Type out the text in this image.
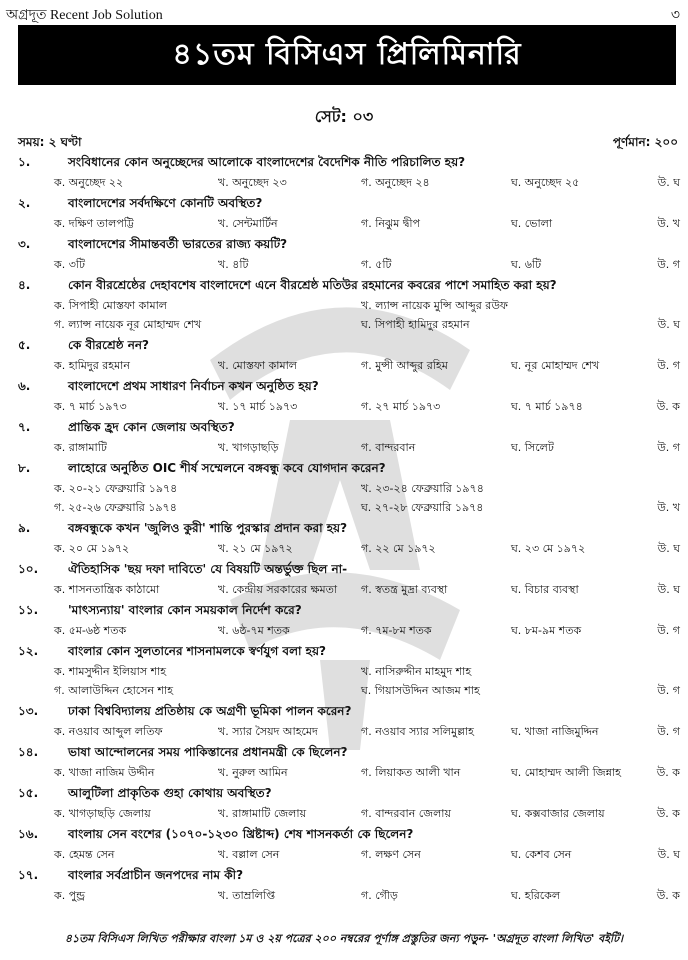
অগ্রদূত Recent Job Solution	৩
৪১তম বিসিএস প্রিলিমিনারি
সেট: ০৩
সময়: ২ ঘণ্টা	পূর্ণমান: ২০০
১.	সংবিধানের কোন অনুচ্ছেদের আলোকে বাংলাদেশের বৈদেশিক নীতি পরিচালিত হয়?
ক. অনুচ্ছেদ ২২	খ. অনুচ্ছেদ ২৩	গ. অনুচ্ছেদ ২৪	ঘ. অনুচ্ছেদ ২৫	উ. ঘ
২.	বাংলাদেশের সর্বদক্ষিণে কোনটি অবস্থিত?
ক. দক্ষিণ তালপট্টি	খ. সেন্টমার্টিন	গ. নিঝুম দ্বীপ	ঘ. ভোলা	উ. খ
৩.	বাংলাদেশের সীমান্তবর্তী ভারতের রাজ্য কয়টি?
ক. ৩টি	খ. ৪টি	গ. ৫টি	ঘ. ৬টি	উ. গ
৪.	কোন বীরশ্রেষ্ঠের দেহাবশেষ বাংলাদেশে এনে বীরশ্রেষ্ঠ মতিউর রহমানের কবরের পাশে সমাহিত করা হয়?
ক. সিপাহী মোস্তফা কামাল	খ. ল্যান্স নায়েক মুন্সি আব্দুর রউফ
গ. ল্যান্স নায়েক নূর মোহাম্মদ শেখ	ঘ. সিপাহী হামিদুর রহমান	উ. ঘ
৫.	কে বীরশ্রেষ্ঠ নন?
ক. হামিদুর রহমান	খ. মোস্তফা কামাল	গ. মুন্সী আব্দুর রহিম	ঘ. নূর মোহাম্মদ শেখ	উ. গ
৬.	বাংলাদেশে প্রথম সাধারণ নির্বাচন কখন অনুষ্ঠিত হয়?
ক. ৭ মার্চ ১৯৭৩	খ. ১৭ মার্চ ১৯৭৩	গ. ২৭ মার্চ ১৯৭৩	ঘ. ৭ মার্চ ১৯৭৪	উ. ক
৭.	প্রান্তিক হ্রদ কোন জেলায় অবস্থিত?
ক. রাঙ্গামাটি	খ. খাগড়াছড়ি	গ. বান্দরবান	ঘ. সিলেট	উ. গ
৮.	লাহোরে অনুষ্ঠিত OIC শীর্ষ সম্মেলনে বঙ্গবন্ধু কবে যোগদান করেন?
ক. ২০-২১ ফেব্রুয়ারি ১৯৭৪	খ. ২৩-২৪ ফেব্রুয়ারি ১৯৭৪
গ. ২৫-২৬ ফেব্রুয়ারি ১৯৭৪	ঘ. ২৭-২৮ ফেব্রুয়ারি ১৯৭৪	উ. খ
৯.	বঙ্গবন্ধুকে কখন 'জুলিও কুরী' শান্তি পুরস্কার প্রদান করা হয়?
ক. ২০ মে ১৯৭২	খ. ২১ মে ১৯৭২	গ. ২২ মে ১৯৭২	ঘ. ২৩ মে ১৯৭২	উ. ঘ
১০.	ঐতিহাসিক 'ছয় দফা দাবিতে' যে বিষয়টি অন্তর্ভুক্ত ছিল না-
ক. শাসনতান্ত্রিক কাঠামো	খ. কেন্দ্রীয় সরকারের ক্ষমতা গ. স্বতন্ত্র মুদ্রা ব্যবস্থা	ঘ. বিচার ব্যবস্থা	উ. ঘ
১১.	'মাৎস্যন্যায়' বাংলার কোন সময়কাল নির্দেশ করে?
ক. ৫ম-৬ষ্ঠ শতক	খ. ৬ষ্ঠ-৭ম শতক	গ. ৭ম-৮ম শতক	ঘ. ৮ম-৯ম শতক	উ. গ
১২.	বাংলার কোন সুলতানের শাসনামলকে স্বর্ণযুগ বলা হয়?
ক. শামসুদ্দীন ইলিয়াস শাহ	খ. নাসিরুদ্দীন মাহমুদ শাহ
গ. আলাউদ্দিন হোসেন শাহ	ঘ. গিয়াসউদ্দিন আজম শাহ	উ. গ
১৩.	ঢাকা বিশ্ববিদ্যালয় প্রতিষ্ঠায় কে অগ্রণী ভূমিকা পালন করেন?
ক. নওয়াব আব্দুল লতিফ	খ. স্যার সৈয়দ আহমেদ	গ. নওয়াব স্যার সলিমুল্লাহ	ঘ. খাজা নাজিমুদ্দিন	উ. গ
১৪.	ভাষা আন্দোলনের সময় পাকিস্তানের প্রধানমন্ত্রী কে ছিলেন?
ক. খাজা নাজিম উদ্দীন	খ. নুরুল আমিন	গ. লিয়াকত আলী খান	ঘ. মোহাম্মদ আলী জিন্নাহ	উ. ক
১৫.	আলুটিলা প্রাকৃতিক গুহা কোথায় অবস্থিত?
ক. খাগড়াছড়ি জেলায়	খ. রাঙ্গামাটি জেলায়	গ. বান্দরবান জেলায়	ঘ. কক্সবাজার জেলায়	উ. ক
১৬.	বাংলায় সেন বংশের (১০৭০-১২৩০ খ্রিষ্টাব্দ) শেষ শাসনকর্তা কে ছিলেন?
ক. হেমন্ত সেন	খ. বল্লাল সেন	গ. লক্ষণ সেন	ঘ. কেশব সেন	উ. ঘ
১৭.	বাংলার সর্বপ্রাচীন জনপদের নাম কী?
ক. পুন্ড্র	খ. তাম্রলিপ্তি	গ. গৌড়	ঘ. হরিকেল	উ. ক
৪১তম বিসিএস লিখিত পরীক্ষার বাংলা ১ম ও ২য় পত্রের ২০০ নম্বরের পূর্ণাঙ্গ প্রস্তুতির জন্য পড়ুন- 'অগ্রদূত বাংলা লিখিত' বইটি।
